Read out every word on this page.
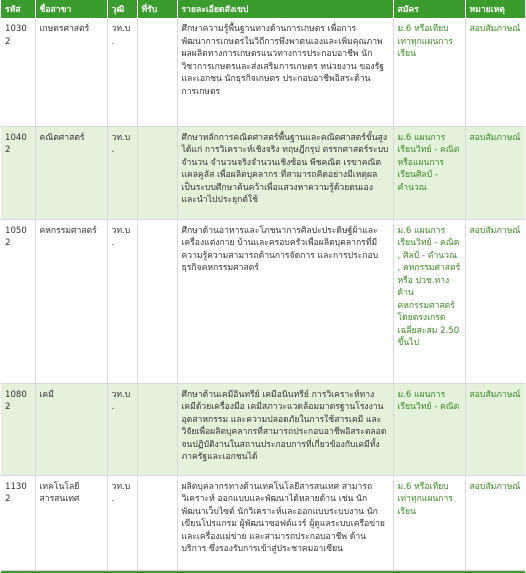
รหัส	ชื่อสาขา	วุฒิ	ที่รับ	รายละเอียดสังเขป	สมัคร	หมายเหตุ
10302	เกษตรศาสตร์	วท.บ.		ศึกษาความรู้พื้นฐานทางด้านการเกษตร เพื่อการพัฒนาการเกษตรในวิถีการพึ่งพาตนเองและเพิ่มคุณภาพผลผลิตทางการเกษตรแนวทางการประกอบอาชีพ นักวิชาการเกษตรและส่งเสริมการเกษตร หน่วยงาน ของรัฐและเอกชน นักธุรกิจเกษตร ประกอบอาชีพอิสระด้านการเกษตร	ม.6 หรือเทียบเท่าทุกแผนการเรียน	สอบสัมภาษณ์
10402	คณิตศาสตร์	วท.บ.		ศึกษาหลักการคณิตศาสตร์พื้นฐานและคณิตศาสตร์ขั้นสูง ได้แก่ การวิเคราะห์เชิงจริง ทฤษฎีกรุป ตรรกศาสตร์ระบบจำนวน จำนวนจริงจำนวนเชิงซ้อน พีชคณิต เรขาคณิต แคลคูลัส เพื่อผลิตบุคลากร ที่สามารถคิดอย่างมีเหตุผลเป็นระบบศึกษาค้นคว้าเพื่อแสวงหาความรู้ด้วยตนเอง และนำไปประยุกต์ใช้	ม.6 แผนการเรียนวิทย์ - คณิต หรือแผนการเรียนศิลป์ - คำนวณ	สอบสัมภาษณ์
10502	คหกรรมศาสตร์	วท.บ.		ศึกษาด้านอาหารและโภชนาการศิลปะประดิษฐ์ผ้าและเครื่องแต่งกาย บ้านและครอบครัวเพื่อผลิตบุคลากรที่มีความรู้ความสามารถด้านการจัดการ และการประกอบธุรกิจคหกรรมศาสตร์	ม.6 แผนการเรียนวิทย์ - คณิต , ศิลป์ - คำนวณ , คหกรรมศาสตร์ หรือ ปวช.ทางด้านคหกรรมศาสตร์ โดยตรงเกรดเฉลี่ยสะสม 2.50 ขึ้นไป	สอบสัมภาษณ์
10802	เคมี	วท.บ.		ศึกษาด้านเคมีอินทรีย์ เคมีอนินทรีย์ การวิเคราะห์ทางเคมีด้วยเครื่องมือ เคมีสภาวะแวดล้อมมาตรฐานโรงงานอุตสาหกรรม และความปลอดภัยในการใช้สารเคมี และวิจัยเพื่อผลิตบุคลากรที่สามารถประกอบอาชีพอิสระตลอดจนปฏิบัติงานในสถานประกอบการที่เกี่ยวข้องกับเคมีทั้งภาครัฐและเอกชนได้	ม.6 แผนการเรียนวิทย์ - คณิต	สอบสัมภาษณ์
11302	เทคโนโลยีสารสนเทศ	วท.บ.		ผลิตบุคลากรทางด้านเทคโนโลยีสารสนเทศ สามารถวิเคราะห์ ออกแบบและพัฒนาได้หลายด้าน เช่น นักพัฒนาเว็บไซต์ นักวิเคราะห์และออกแบบระบบงาน นักเขียนโปรแกรม ผู้พัฒนาซอฟต์แวร์ ผู้ดูแลระบบเครือข่ายและเครื่องแม่ข่าย และสามารถประกอบอาชีพ ด้านบริการ ซึ่งรองรับการเข้าสู่ประชาคมอาเซียน	ม.6 หรือเทียบเท่าทุกแผนการเรียน	สอบสัมภาษณ์
